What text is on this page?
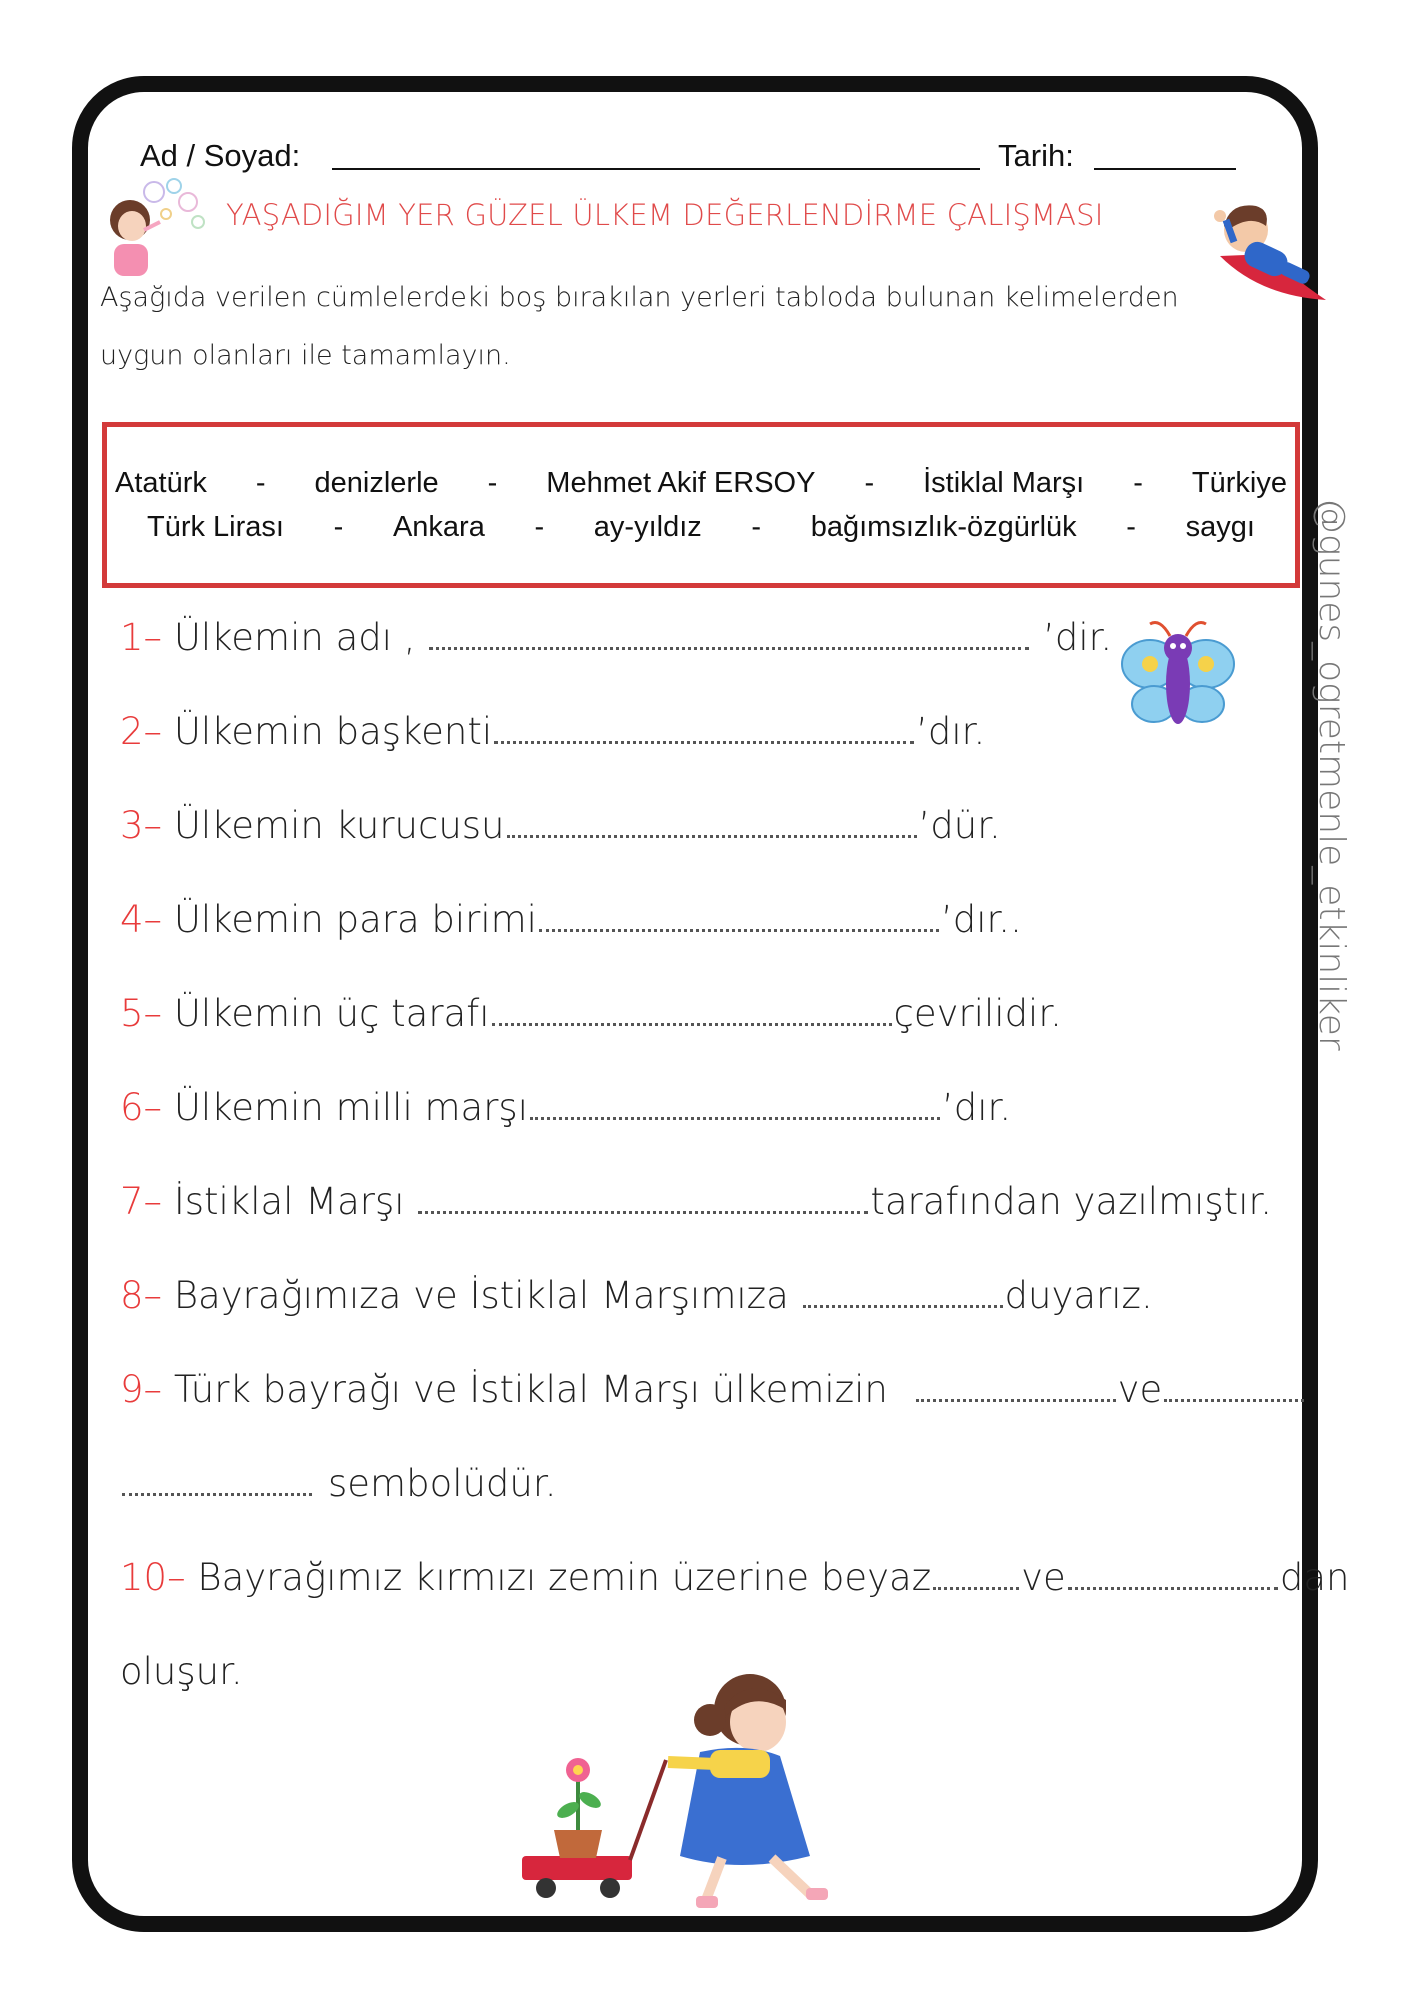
Ad / Soyad:	Tarih:
YAŞADIĞIM YER GÜZEL ÜLKEM DEĞERLENDİRME ÇALIŞMASI
Aşağıda verilen cümlelerdeki boş bırakılan yerleri tabloda bulunan kelimelerden
uygun olanları ile tamamlayın.
Atatürk - denizlerle - Mehmet Akif ERSOY - İstiklal Marşı - Türkiye
Türk Lirası - Ankara - ay-yıldız - bağımsızlık-özgürlük - saygı
1– Ülkemin adı ,	’dir.
2– Ülkemin başkenti	’dır.
3– Ülkemin kurucusu	’dür.
4– Ülkemin para birimi	’dır..
5– Ülkemin üç tarafı	çevrilidir.
6– Ülkemin milli marşı	’dır.
7– İstiklal Marşı	tarafından yazılmıştır.
8– Bayrağımıza ve İstiklal Marşımıza	duyarız.
9– Türk bayrağı ve İstiklal Marşı ülkemizin	ve
sembolüdür.
10– Bayrağımız kırmızı zemin üzerine beyaz ve	dan
oluşur.
@gunes_ogretmenle_etkinliker
